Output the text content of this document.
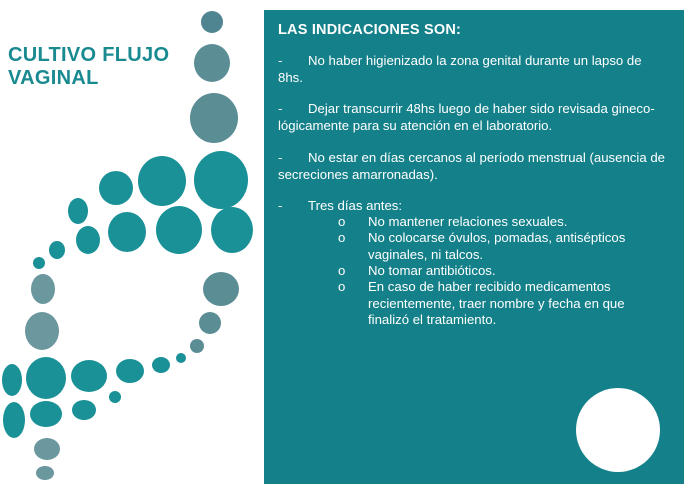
CULTIVO FLUJO
VAGINAL
LAS INDICACIONES SON:
-	No haber higienizado la zona genital durante un lapso de 8hs.
-	Dejar transcurrir 48hs luego de haber sido revisada gineco-lógicamente para su atención en el laboratorio.
-	No estar en días cercanos al período menstrual (ausencia de secreciones amarronadas).
-	Tres días antes:
o No mantener relaciones sexuales.
o No colocarse óvulos, pomadas, antisépticos vaginales, ni talcos.
o No tomar antibióticos.
o En caso de haber recibido medicamentos recientemente, traer nombre y fecha en que finalizó el tratamiento.
